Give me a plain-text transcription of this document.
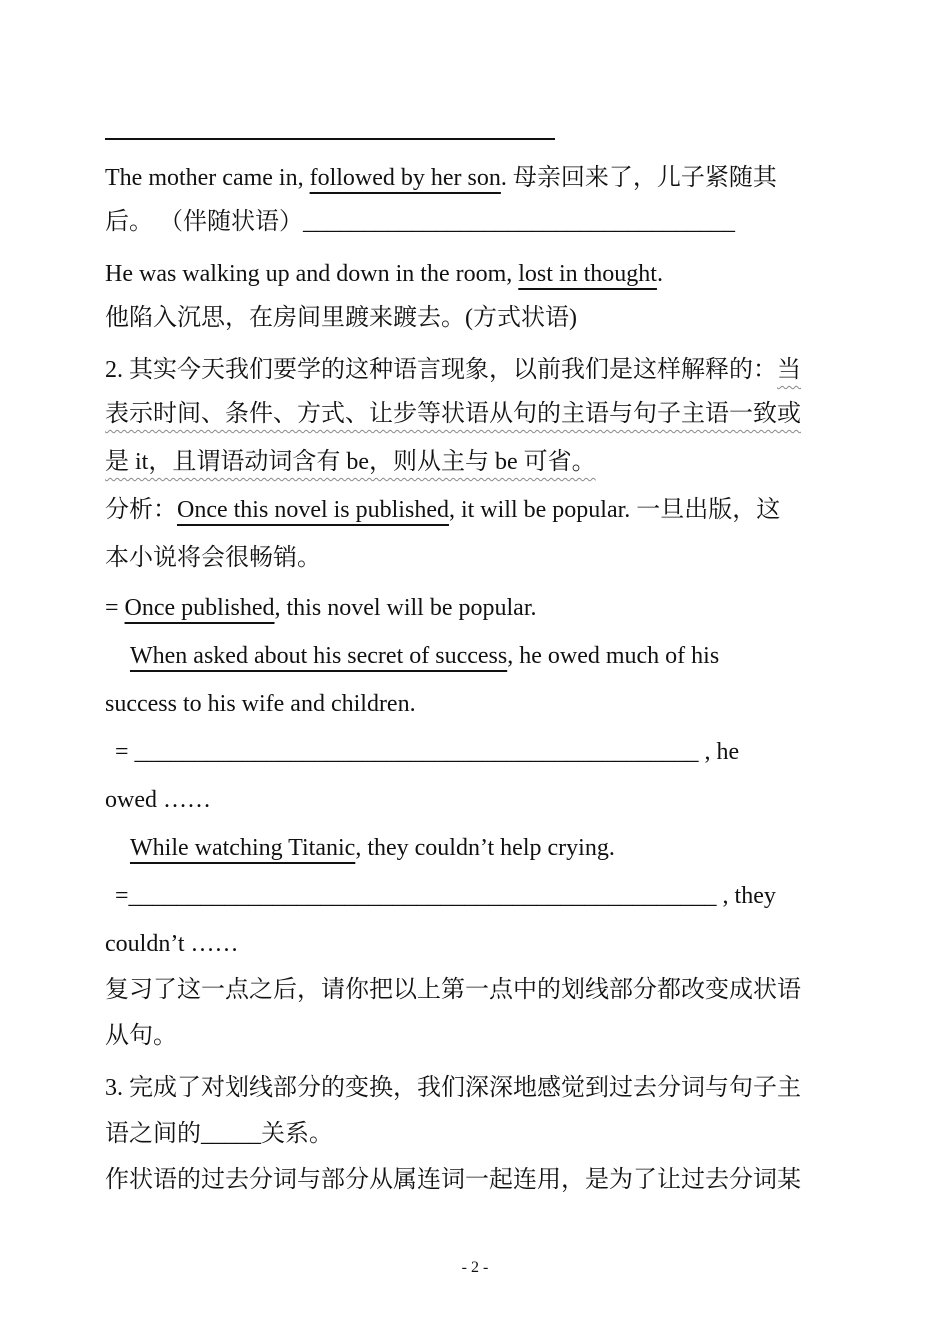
The mother came in, followed by her son. 母亲回来了，儿子紧随其
后。 （伴随状语）____________________________________
He was walking up and down in the room, lost in thought.
他陷入沉思，在房间里踱来踱去。(方式状语)
2. 其实今天我们要学的这种语言现象，以前我们是这样解释的：当
表示时间、条件、方式、让步等状语从句的主语与句子主语一致或
是 it，且谓语动词含有 be，则从主与 be 可省。
分析：Once this novel is published, it will be popular. 一旦出版，这
本小说将会很畅销。
= Once published, this novel will be popular.
When asked about his secret of success, he owed much of his
success to his wife and children.
= _______________________________________________ , he
owed ……
While watching Titanic, they couldn’t help crying.
=_________________________________________________ , they
couldn’t ……
复习了这一点之后，请你把以上第一点中的划线部分都改变成状语
从句。
3. 完成了对划线部分的变换，我们深深地感觉到过去分词与句子主
语之间的_____关系。
作状语的过去分词与部分从属连词一起连用，是为了让过去分词某
- 2 -
